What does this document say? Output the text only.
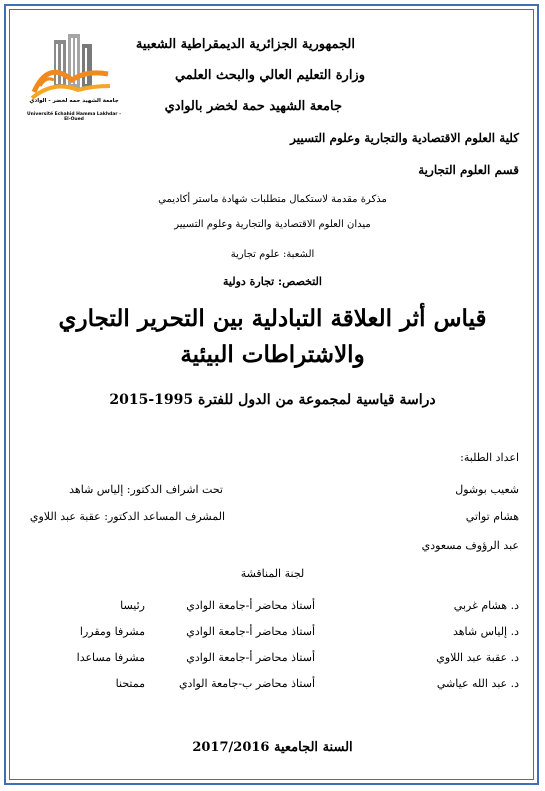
جامعة الشهيد حمه لخضر - الوادي
Université Echahid Hamma Lakhdar - El-Oued
الجمهورية الجزائرية الديمقراطية الشعبية
وزارة التعليم العالي والبحث العلمي
جامعة الشهيد حمة لخضر بالوادي
كلية العلوم الاقتصادية والتجارية وعلوم التسيير
قسم العلوم التجارية
مذكرة مقدمة لاستكمال متطلبات شهادة ماستر أكاديمي
ميدان العلوم الاقتصادية والتجارية وعلوم التسيير
الشعبة: علوم تجارية
التخصص: تجارة دولية
قياس أثر العلاقة التبادلية بين التحرير التجاري
والاشتراطات البيئية
دراسة قياسية لمجموعة من الدول للفترة 1995-2015
اعداد الطلبة:
شعيب بوشول
هشام تواتي
عبد الرؤوف مسعودي
تحت اشراف الدكتور: إلياس شاهد
المشرف المساعد الدكتور: عقبة عبد اللاوي
لجنة المناقشة
د. هشام غربي
أستاذ محاضر أ-جامعة الوادي
رئيسا
د. إلياس شاهد
أستاذ محاضر أ-جامعة الوادي
مشرفا ومقررا
د. عقبة عبد اللاوي
أستاذ محاضر أ-جامعة الوادي
مشرفا مساعدا
د. عبد الله عياشي
أستاذ محاضر ب-جامعة الوادي
ممتحنا
السنة الجامعية 2017/2016
